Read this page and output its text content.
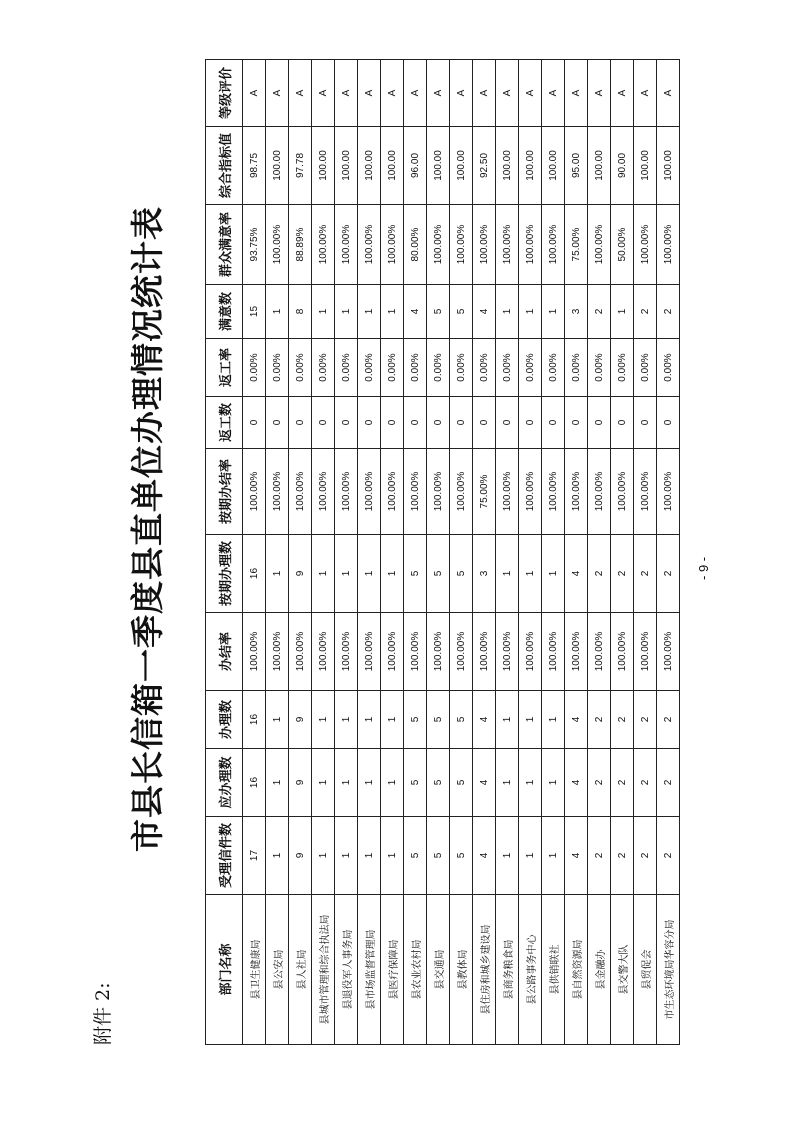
附件 2:
市县长信箱一季度县直单位办理情况统计表
部门名称	受理信件数	应办理数	办理数	办结率	按期办理数	按期办结率	返工数	返工率	满意数	群众满意率	综合指标值	等级评价
县卫生健康局	17	16	16	100.00%	16	100.00%	0	0.00%	15	93.75%	98.75	A
县公安局	1	1	1	100.00%	1	100.00%	0	0.00%	1	100.00%	100.00	A
县人社局	9	9	9	100.00%	9	100.00%	0	0.00%	8	88.89%	97.78	A
县城市管理和综合执法局	1	1	1	100.00%	1	100.00%	0	0.00%	1	100.00%	100.00	A
县退役军人事务局	1	1	1	100.00%	1	100.00%	0	0.00%	1	100.00%	100.00	A
县市场监督管理局	1	1	1	100.00%	1	100.00%	0	0.00%	1	100.00%	100.00	A
县医疗保障局	1	1	1	100.00%	1	100.00%	0	0.00%	1	100.00%	100.00	A
县农业农村局	5	5	5	100.00%	5	100.00%	0	0.00%	4	80.00%	96.00	A
县交通局	5	5	5	100.00%	5	100.00%	0	0.00%	5	100.00%	100.00	A
县教体局	5	5	5	100.00%	5	100.00%	0	0.00%	5	100.00%	100.00	A
县住房和城乡建设局	4	4	4	100.00%	3	75.00%	0	0.00%	4	100.00%	92.50	A
县商务粮食局	1	1	1	100.00%	1	100.00%	0	0.00%	1	100.00%	100.00	A
县公路事务中心	1	1	1	100.00%	1	100.00%	0	0.00%	1	100.00%	100.00	A
县供销联社	1	1	1	100.00%	1	100.00%	0	0.00%	1	100.00%	100.00	A
县自然资源局	4	4	4	100.00%	4	100.00%	0	0.00%	3	75.00%	95.00	A
县金融办	2	2	2	100.00%	2	100.00%	0	0.00%	2	100.00%	100.00	A
县交警大队	2	2	2	100.00%	2	100.00%	0	0.00%	1	50.00%	90.00	A
县贸促会	2	2	2	100.00%	2	100.00%	0	0.00%	2	100.00%	100.00	A
市生态环境局华容分局	2	2	2	100.00%	2	100.00%	0	0.00%	2	100.00%	100.00	A
- 9 -
